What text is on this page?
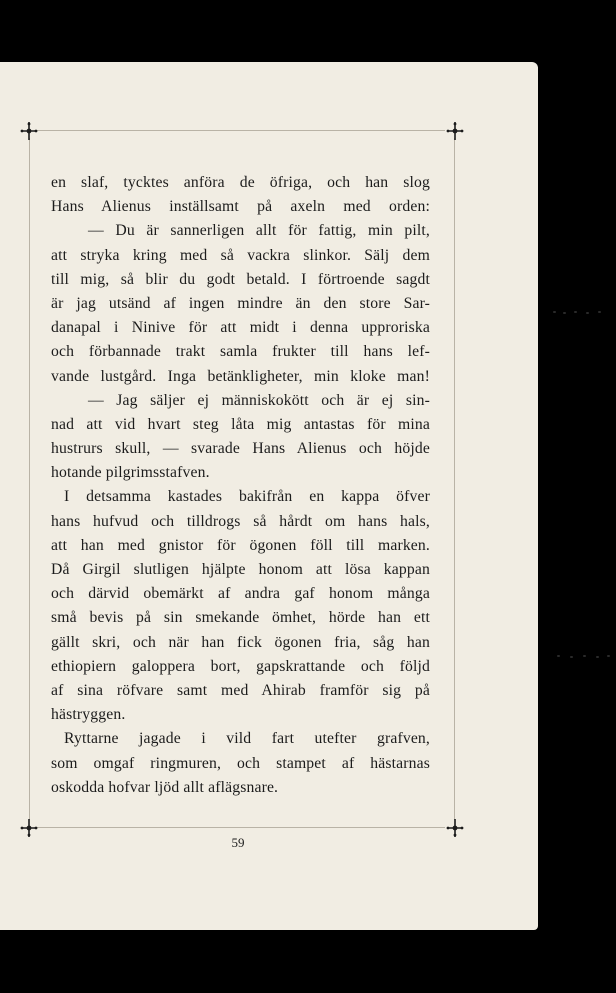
en slaf, tycktes anföra de öfriga, och han slog
Hans Alienus inställsamt på axeln med orden:
— Du är sannerligen allt för fattig, min pilt,
att stryka kring med så vackra slinkor. Sälj dem
till mig, så blir du godt betald. I förtroende sagdt
är jag utsänd af ingen mindre än den store Sar-
danapal i Ninive för att midt i denna upproriska
och förbannade trakt samla frukter till hans lef-
vande lustgård. Inga betänkligheter, min kloke man!
— Jag säljer ej människokött och är ej sin-
nad att vid hvart steg låta mig antastas för mina
hustrurs skull, — svarade Hans Alienus och höjde
hotande pilgrimsstafven.
I detsamma kastades bakifrån en kappa öfver
hans hufvud och tilldrogs så hårdt om hans hals,
att han med gnistor för ögonen föll till marken.
Då Girgil slutligen hjälpte honom att lösa kappan
och därvid obemärkt af andra gaf honom många
små bevis på sin smekande ömhet, hörde han ett
gällt skri, och när han fick ögonen fria, såg han
ethiopiern galoppera bort, gapskrattande och följd
af sina röfvare samt med Ahirab framför sig på
hästryggen.
Ryttarne jagade i vild fart utefter grafven,
som omgaf ringmuren, och stampet af hästarnas
oskodda hofvar ljöd allt aflägsnare.
59
